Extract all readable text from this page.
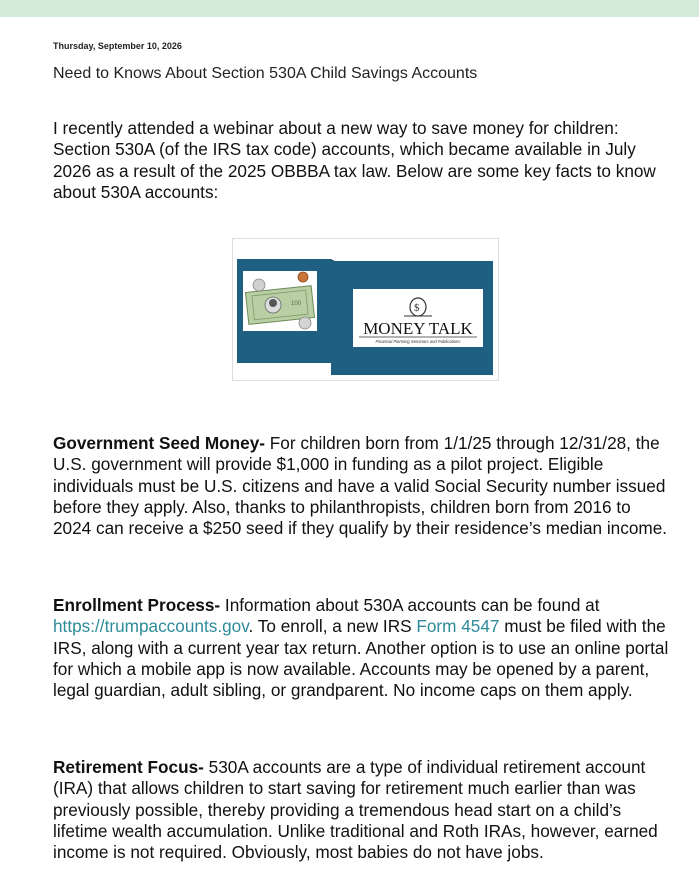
Thursday, September 10, 2026
Need to Knows About Section 530A Child Savings Accounts

I recently attended a webinar about a new way to save money for children: Section 530A (of the IRS tax code) accounts, which became available in July 2026 as a result of the 2025 OBBBA tax law. Below are some key facts to know about 530A accounts:

100	$
MONEY TALK
Financial Planning Seminars and Publications

Government Seed Money- For children born from 1/1/25 through 12/31/28, the U.S. government will provide $1,000 in funding as a pilot project. Eligible individuals must be U.S. citizens and have a valid Social Security number issued before they apply. Also, thanks to philanthropists, children born from 2016 to 2024 can receive a $250 seed if they qualify by their residence’s median income.

Enrollment Process- Information about 530A accounts can be found at https://trumpaccounts.gov. To enroll, a new IRS Form 4547 must be filed with the IRS, along with a current year tax return. Another option is to use an online portal for which a mobile app is now available. Accounts may be opened by a parent, legal guardian, adult sibling, or grandparent. No income caps on them apply.

Retirement Focus- 530A accounts are a type of individual retirement account (IRA) that allows children to start saving for retirement much earlier than was previously possible, thereby providing a tremendous head start on a child’s lifetime wealth accumulation. Unlike traditional and Roth IRAs, however, earned income is not required. Obviously, most babies do not have jobs.
